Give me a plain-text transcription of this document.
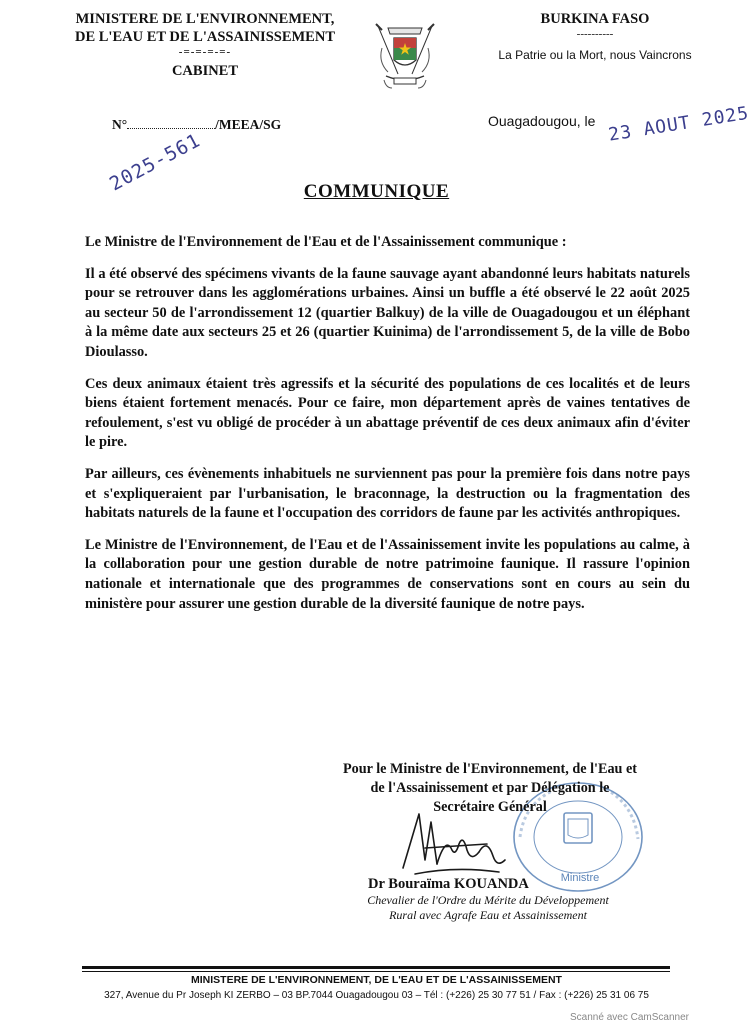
MINISTERE DE L'ENVIRONNEMENT,
DE L'EAU ET DE L'ASSAINISSEMENT
-=-=-=-=-
CABINET
BURKINA FASO
----------
La Patrie ou la Mort, nous Vaincrons
N°	/MEEA/SG
2025-561
Ouagadougou, le 23 AOUT 2025
COMMUNIQUE

Le Ministre de l'Environnement de l'Eau et de l'Assainissement communique :

Il a été observé des spécimens vivants de la faune sauvage ayant abandonné leurs habitats naturels pour se retrouver dans les agglomérations urbaines. Ainsi un buffle a été observé le 22 août 2025 au secteur 50 de l'arrondissement 12 (quartier Balkuy) de la ville de Ouagadougou et un éléphant à la même date aux secteurs 25 et 26 (quartier Kuinima) de l'arrondissement 5, de la ville de Bobo Dioulasso.

Ces deux animaux étaient très agressifs et la sécurité des populations de ces localités et de leurs biens étaient fortement menacés. Pour ce faire, mon département après de vaines tentatives de refoulement, s'est vu obligé de procéder à un abattage préventif de ces deux animaux afin d'éviter le pire.

Par ailleurs, ces évènements inhabituels ne surviennent pas pour la première fois dans notre pays et s'expliqueraient par l'urbanisation, le braconnage, la destruction ou la fragmentation des habitats naturels de la faune et l'occupation des corridors de faune par les activités anthropiques.

Le Ministre de l'Environnement, de l'Eau et de l'Assainissement invite les populations au calme, à la collaboration pour une gestion durable de notre patrimoine faunique. Il rassure l'opinion nationale et internationale que des programmes de conservations sont en cours au sein du ministère pour assurer une gestion durable de la diversité faunique de notre pays.

Ministre
Pour le Ministre de l'Environnement, de l'Eau et
de l'Assainissement et par Délégation le
Secrétaire Général
Dr Bouraïma KOUANDA
Chevalier de l'Ordre du Mérite du Développement
Rural avec Agrafe Eau et Assainissement
MINISTERE DE L'ENVIRONNEMENT, DE L'EAU ET DE L'ASSAINISSEMENT
327, Avenue du Pr Joseph KI ZERBO – 03 BP.7044 Ouagadougou 03 – Tél : (+226) 25 30 77 51 / Fax : (+226) 25 31 06 75
Scanné avec CamScanner
